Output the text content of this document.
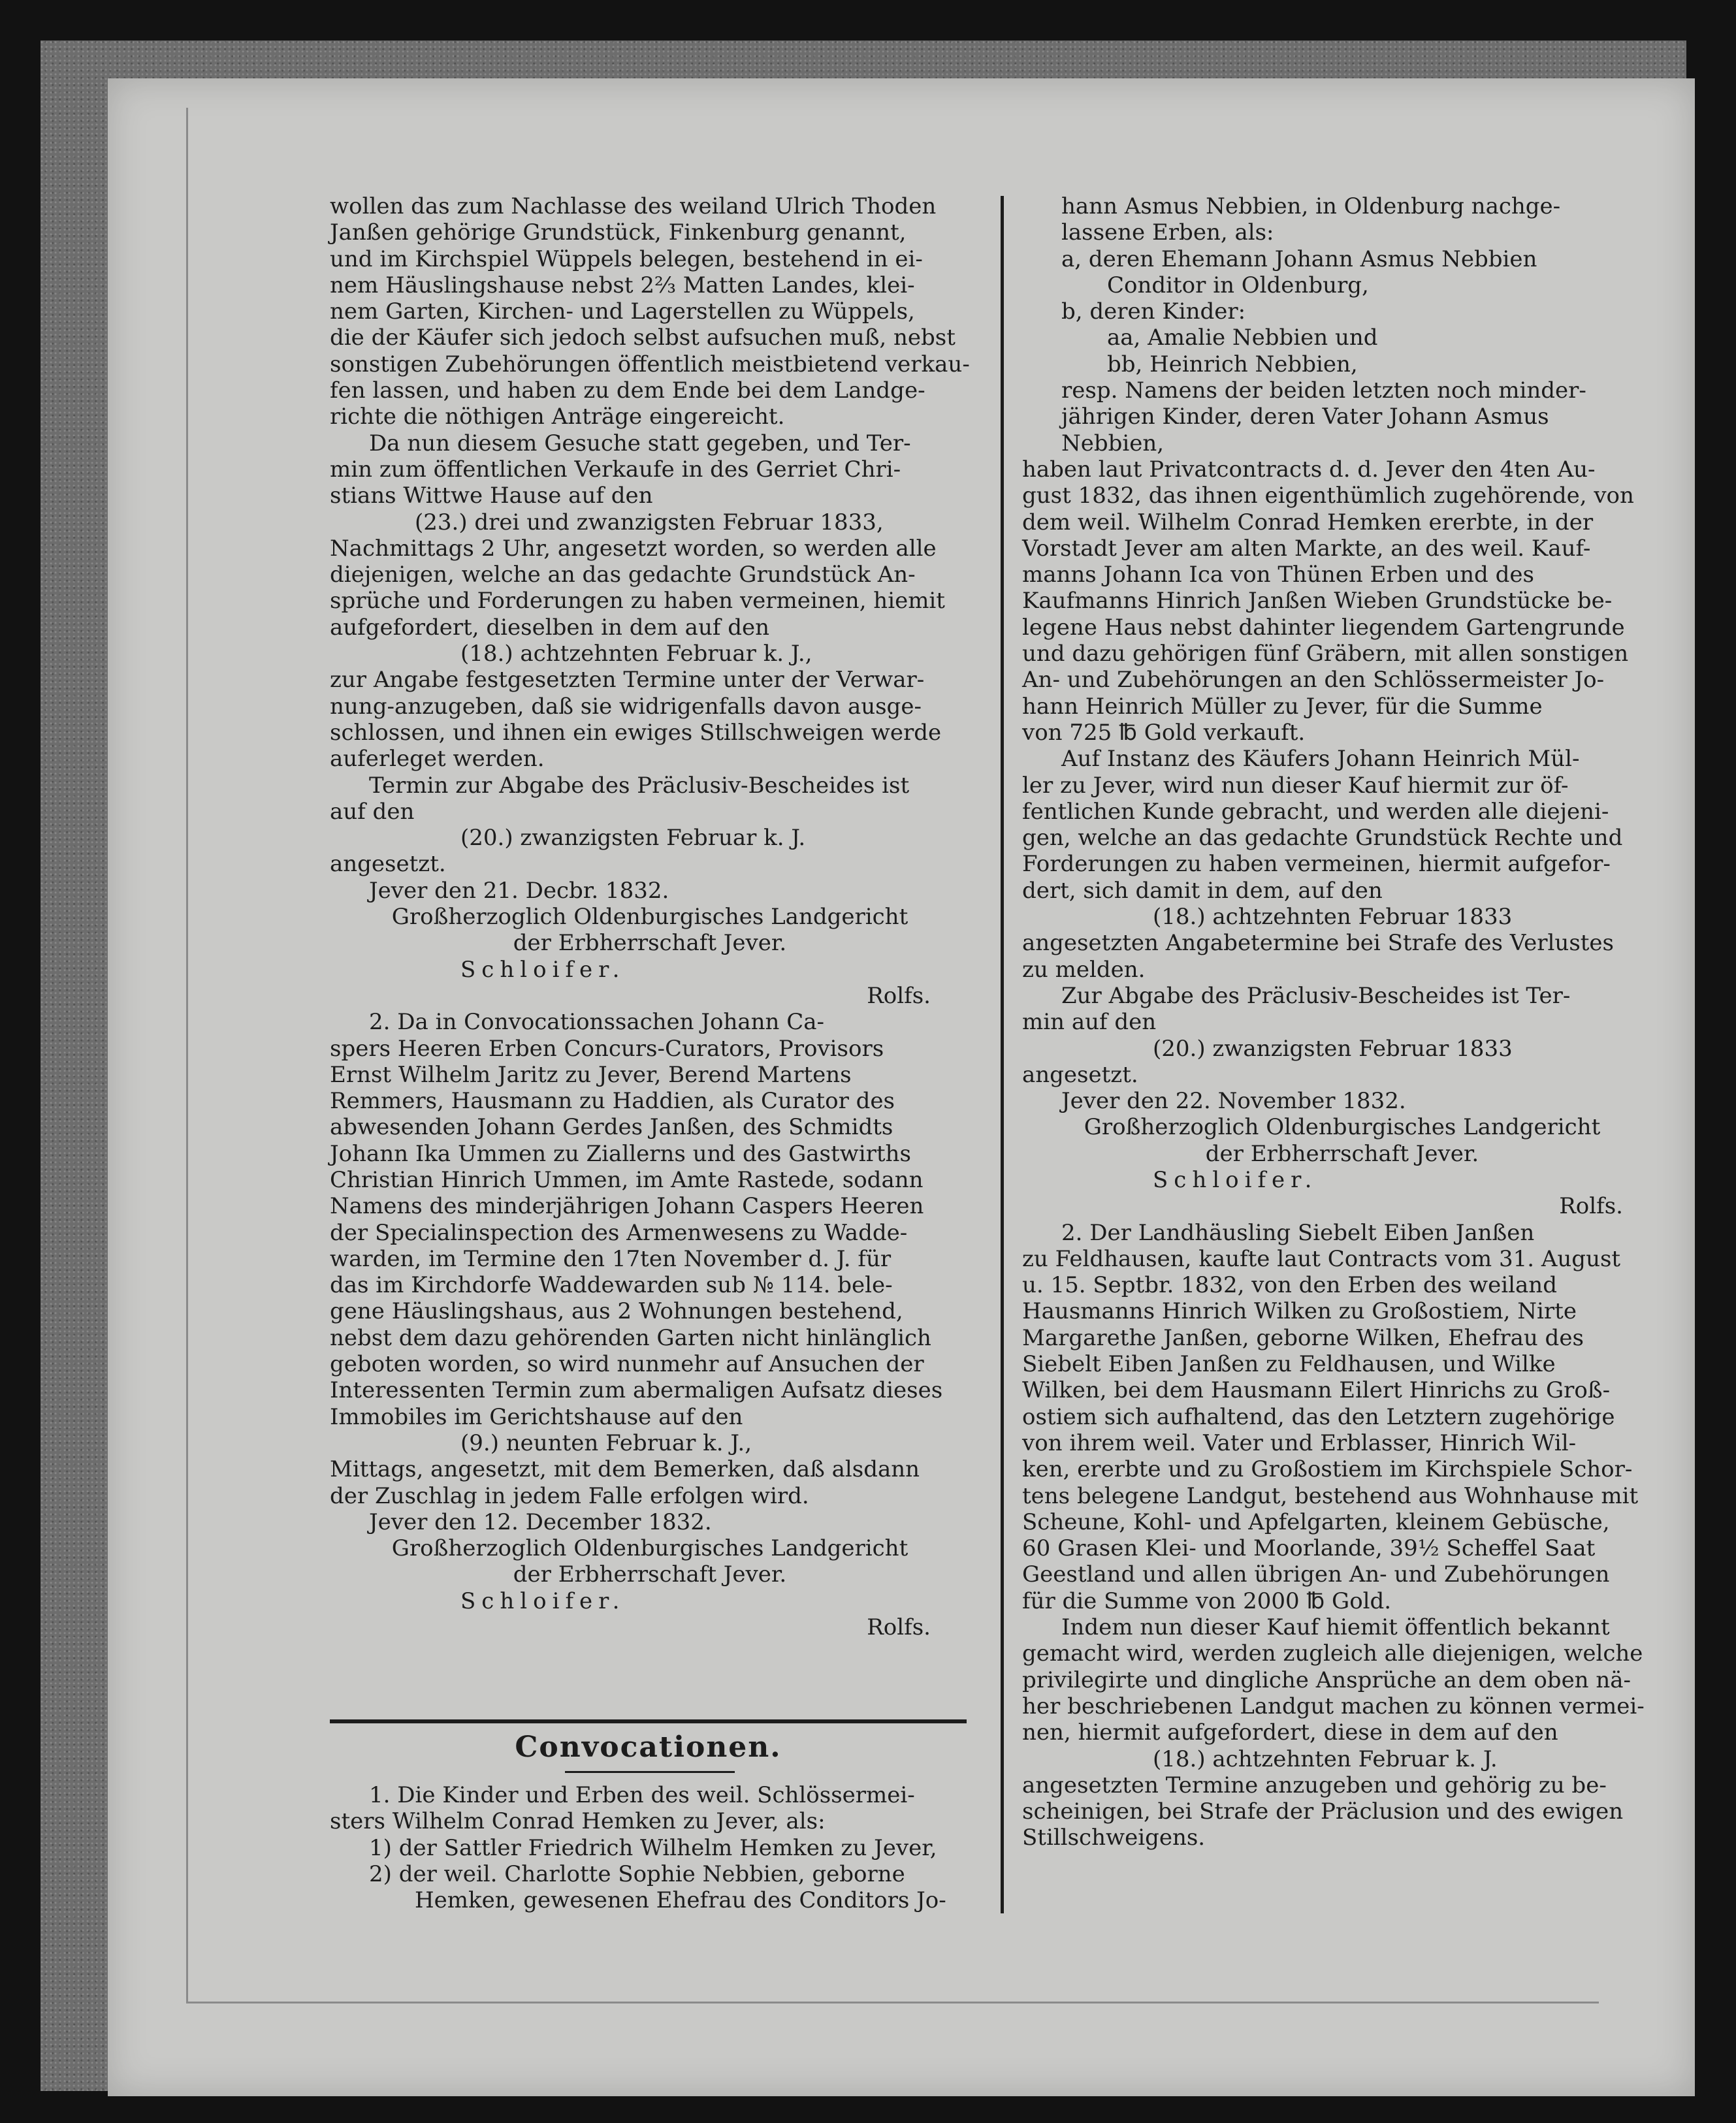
wollen das zum Nachlasse des weiland Ulrich Thoden

Janßen gehörige Grundstück, Finkenburg genannt,

und im Kirchspiel Wüppels belegen, bestehend in ei-

nem Häuslingshause nebst 2⅔ Matten Landes, klei-

nem Garten, Kirchen- und Lagerstellen zu Wüppels,

die der Käufer sich jedoch selbst aufsuchen muß, nebst

sonstigen Zubehörungen öffentlich meistbietend verkau-

fen lassen, und haben zu dem Ende bei dem Landge-

richte die nöthigen Anträge eingereicht.

Da nun diesem Gesuche statt gegeben, und Ter-

min zum öffentlichen Verkaufe in des Gerriet Chri-

stians Wittwe Hause auf den

(23.) drei und zwanzigsten Februar 1833,

Nachmittags 2 Uhr, angesetzt worden, so werden alle

diejenigen, welche an das gedachte Grundstück An-

sprüche und Forderungen zu haben vermeinen, hiemit

aufgefordert, dieselben in dem auf den

(18.) achtzehnten Februar k. J.,

zur Angabe festgesetzten Termine unter der Verwar-

nung-anzugeben, daß sie widrigenfalls davon ausge-

schlossen, und ihnen ein ewiges Stillschweigen werde

auferleget werden.

Termin zur Abgabe des Präclusiv-Bescheides ist

auf den

(20.) zwanzigsten Februar k. J.

angesetzt.

Jever den 21. Decbr. 1832.

Großherzoglich Oldenburgisches Landgericht

der Erbherrschaft Jever.

Schloifer.

Rolfs.

2. Da in Convocationssachen Johann Ca-

spers Heeren Erben Concurs-Curators, Provisors

Ernst Wilhelm Jaritz zu Jever, Berend Martens

Remmers, Hausmann zu Haddien, als Curator des

abwesenden Johann Gerdes Janßen, des Schmidts

Johann Ika Ummen zu Ziallerns und des Gastwirths

Christian Hinrich Ummen, im Amte Rastede, sodann

Namens des minderjährigen Johann Caspers Heeren

der Specialinspection des Armenwesens zu Wadde-

warden, im Termine den 17ten November d. J. für

das im Kirchdorfe Waddewarden sub № 114. bele-

gene Häuslingshaus, aus 2 Wohnungen bestehend,

nebst dem dazu gehörenden Garten nicht hinlänglich

geboten worden, so wird nunmehr auf Ansuchen der

Interessenten Termin zum abermaligen Aufsatz dieses

Immobiles im Gerichtshause auf den

(9.) neunten Februar k. J.,

Mittags, angesetzt, mit dem Bemerken, daß alsdann

der Zuschlag in jedem Falle erfolgen wird.

Jever den 12. December 1832.

Großherzoglich Oldenburgisches Landgericht

der Erbherrschaft Jever.

Schloifer.

Rolfs.

Convocationen.

1. Die Kinder und Erben des weil. Schlössermei-

sters Wilhelm Conrad Hemken zu Jever, als:

1) der Sattler Friedrich Wilhelm Hemken zu Jever,

2) der weil. Charlotte Sophie Nebbien, geborne

Hemken, gewesenen Ehefrau des Conditors Jo-

hann Asmus Nebbien, in Oldenburg nachge-

lassene Erben, als:

a, deren Ehemann Johann Asmus Nebbien

Conditor in Oldenburg,

b, deren Kinder:

aa, Amalie Nebbien und

bb, Heinrich Nebbien,

resp. Namens der beiden letzten noch minder-

jährigen Kinder, deren Vater Johann Asmus

Nebbien,

haben laut Privatcontracts d. d. Jever den 4ten Au-

gust 1832, das ihnen eigenthümlich zugehörende, von

dem weil. Wilhelm Conrad Hemken ererbte, in der

Vorstadt Jever am alten Markte, an des weil. Kauf-

manns Johann Ica von Thünen Erben und des

Kaufmanns Hinrich Janßen Wieben Grundstücke be-

legene Haus nebst dahinter liegendem Gartengrunde

und dazu gehörigen fünf Gräbern, mit allen sonstigen

An- und Zubehörungen an den Schlössermeister Jo-

hann Heinrich Müller zu Jever, für die Summe

von 725 ℔ Gold verkauft.

Auf Instanz des Käufers Johann Heinrich Mül-

ler zu Jever, wird nun dieser Kauf hiermit zur öf-

fentlichen Kunde gebracht, und werden alle diejeni-

gen, welche an das gedachte Grundstück Rechte und

Forderungen zu haben vermeinen, hiermit aufgefor-

dert, sich damit in dem, auf den

(18.) achtzehnten Februar 1833

angesetzten Angabetermine bei Strafe des Verlustes

zu melden.

Zur Abgabe des Präclusiv-Bescheides ist Ter-

min auf den

(20.) zwanzigsten Februar 1833

angesetzt.

Jever den 22. November 1832.

Großherzoglich Oldenburgisches Landgericht

der Erbherrschaft Jever.

Schloifer.

Rolfs.

2. Der Landhäusling Siebelt Eiben Janßen

zu Feldhausen, kaufte laut Contracts vom 31. August

u. 15. Septbr. 1832, von den Erben des weiland

Hausmanns Hinrich Wilken zu Großostiem, Nirte

Margarethe Janßen, geborne Wilken, Ehefrau des

Siebelt Eiben Janßen zu Feldhausen, und Wilke

Wilken, bei dem Hausmann Eilert Hinrichs zu Groß-

ostiem sich aufhaltend, das den Letztern zugehörige

von ihrem weil. Vater und Erblasser, Hinrich Wil-

ken, ererbte und zu Großostiem im Kirchspiele Schor-

tens belegene Landgut, bestehend aus Wohnhause mit

Scheune, Kohl- und Apfelgarten, kleinem Gebüsche,

60 Grasen Klei- und Moorlande, 39½ Scheffel Saat

Geestland und allen übrigen An- und Zubehörungen

für die Summe von 2000 ℔ Gold.

Indem nun dieser Kauf hiemit öffentlich bekannt

gemacht wird, werden zugleich alle diejenigen, welche

privilegirte und dingliche Ansprüche an dem oben nä-

her beschriebenen Landgut machen zu können vermei-

nen, hiermit aufgefordert, diese in dem auf den

(18.) achtzehnten Februar k. J.

angesetzten Termine anzugeben und gehörig zu be-

scheinigen, bei Strafe der Präclusion und des ewigen

Stillschweigens.
